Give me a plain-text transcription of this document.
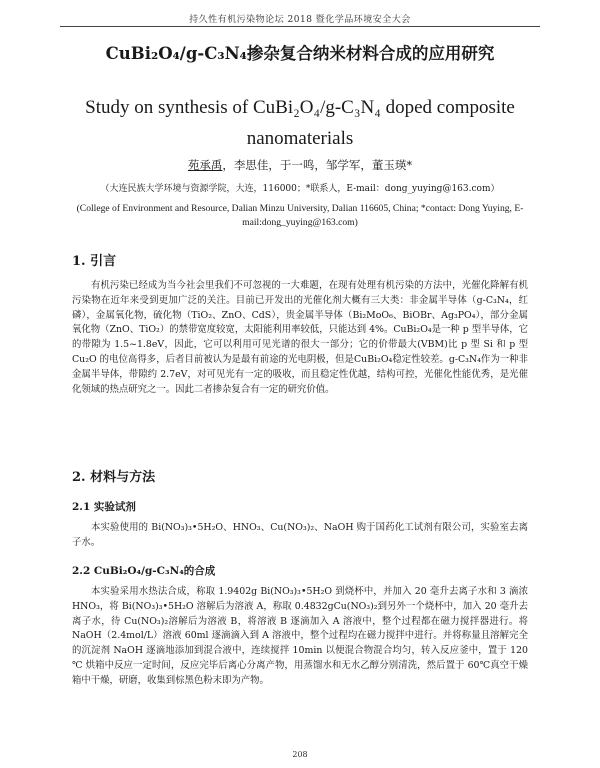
持久性有机污染物论坛 2018 暨化学品环境安全大会
CuBi₂O₄/g-C₃N₄掺杂复合纳米材料合成的应用研究
Study on synthesis of CuBi₂O₄/g-C₃N₄ doped composite
nanomaterials
苑承禹，李思佳，于一鸣，邹学军，董玉瑛*
（大连民族大学环境与资源学院，大连，116000；*联系人，E-mail：dong_yuying@163.com）
(College of Environment and Resource, Dalian Minzu University, Dalian 116605, China; *contact: Dong Yuying, E-mail:dong_yuying@163.com)
1. 引言

有机污染已经成为当今社会里我们不可忽视的一大难题，在现有处理有机污染的方法中，光催化降解有机污染物在近年来受到更加广泛的关注。目前已开发出的光催化剂大概有三大类：非金属半导体（g-C₃N₄，红磷），金属氧化物，硫化物（TiO₂、ZnO、CdS），贵金属半导体（Bi₂MoO₆、BiOBr、Ag₃PO₄），部分金属氧化物（ZnO、TiO₂）的禁带宽度较宽，太阳能利用率较低，只能达到 4%。CuBi₂O₄是一种 p 型半导体，它的带隙为 1.5~1.8eV，因此，它可以利用可见光谱的很大一部分；它的价带最大(VBM)比 p 型 Si 和 p 型 Cu₂O 的电位高得多，后者目前被认为是最有前途的光电阴极，但是CuBi₂O₄稳定性较差。g-C₃N₄作为一种非金属半导体，带隙约 2.7eV，对可见光有一定的吸收，而且稳定性优越，结构可控，光催化性能优秀，是光催化领域的热点研究之一。因此二者掺杂复合有一定的研究价值。

2. 材料与方法
2.1 实验试剂

本实验使用的 Bi(NO₃)₃•5H₂O、HNO₃、Cu(NO₃)₂、NaOH 购于国药化工试剂有限公司，实验室去离子水。

2.2 CuBi₂O₄/g-C₃N₄的合成

本实验采用水热法合成，称取 1.9402g Bi(NO₃)₃•5H₂O 到烧杯中，并加入 20 毫升去离子水和 3 滴浓 HNO₃，将 Bi(NO₃)₃•5H₂O 溶解后为溶液 A，称取 0.4832gCu(NO₃)₂到另外一个烧杯中，加入 20 毫升去离子水，待 Cu(NO₃)₂溶解后为溶液 B，将溶液 B 逐滴加入 A 溶液中，整个过程都在磁力搅拌器进行。将 NaOH（2.4mol/L）溶液 60ml 逐滴滴入到 A 溶液中，整个过程均在磁力搅拌中进行。并将称量且溶解完全的沉淀剂 NaOH 逐滴地添加到混合液中，连续搅拌 10min 以便混合物混合均匀，转入反应釜中，置于 120 ℃ 烘箱中反应一定时间，反应完毕后离心分离产物，用蒸馏水和无水乙醇分别清洗，然后置于 60℃真空干燥箱中干燥，研磨，收集到棕黑色粉末即为产物。

208
